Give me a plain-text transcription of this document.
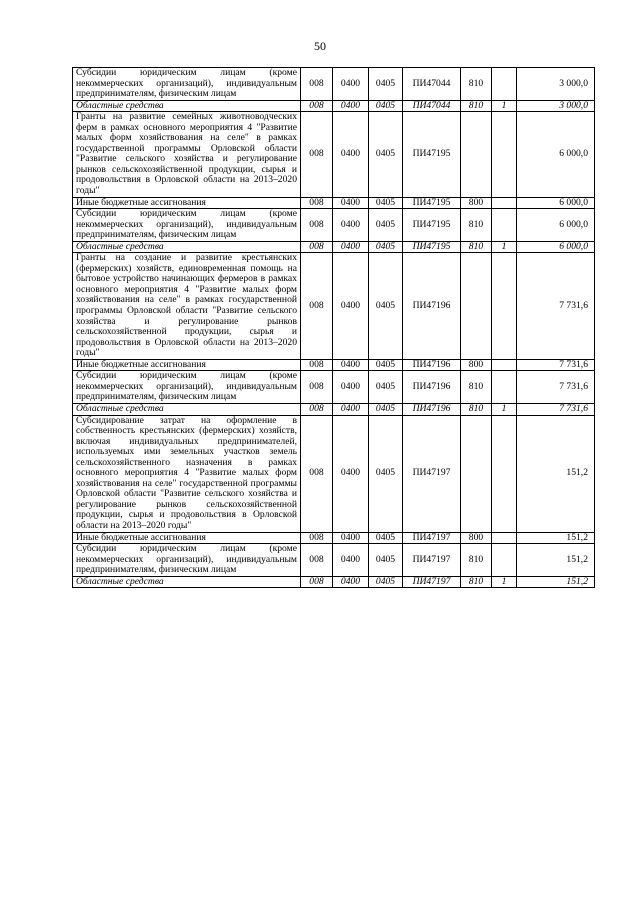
50
Субсидии юридическим лицам (кроме некоммерческих организаций), индивидуальным предпринимателям, физическим лицам	008	0400	0405	ПИ47044	810		3 000,0
Областные средства	008	0400	0405	ПИ47044	810	1	3 000,0
Гранты на развитие семейных животноводческих ферм в рамках основного мероприятия 4 "Развитие малых форм хозяйствования на селе" в рамках государственной программы Орловской области "Развитие сельского хозяйства и регулирование рынков сельскохозяйственной продукции, сырья и продовольствия в Орловской области на 2013–2020 годы"	008	0400	0405	ПИ47195			6 000,0
Иные бюджетные ассигнования	008	0400	0405	ПИ47195	800		6 000,0
Субсидии юридическим лицам (кроме некоммерческих организаций), индивидуальным предпринимателям, физическим лицам	008	0400	0405	ПИ47195	810		6 000,0
Областные средства	008	0400	0405	ПИ47195	810	1	6 000,0
Гранты на создание и развитие крестьянских (фермерских) хозяйств, единовременная помощь на бытовое устройство начинающих фермеров в рамках основного мероприятия 4 "Развитие малых форм хозяйствования на селе" в рамках государственной программы Орловской области "Развитие сельского хозяйства и регулирование рынков сельскохозяйственной продукции, сырья и продовольствия в Орловской области на 2013–2020 годы"	008	0400	0405	ПИ47196			7 731,6
Иные бюджетные ассигнования	008	0400	0405	ПИ47196	800		7 731,6
Субсидии юридическим лицам (кроме некоммерческих организаций), индивидуальным предпринимателям, физическим лицам	008	0400	0405	ПИ47196	810		7 731,6
Областные средства	008	0400	0405	ПИ47196	810	1	7 731,6
Субсидирование затрат на оформление в собственность крестьянских (фермерских) хозяйств, включая индивидуальных предпринимателей, используемых ими земельных участков земель сельскохозяйственного назначения в рамках основного мероприятия 4 "Развитие малых форм хозяйствования на селе" государственной программы Орловской области "Развитие сельского хозяйства и регулирование рынков сельскохозяйственной продукции, сырья и продовольствия в Орловской области на 2013–2020 годы"	008	0400	0405	ПИ47197			151,2
Иные бюджетные ассигнования	008	0400	0405	ПИ47197	800		151,2
Субсидии юридическим лицам (кроме некоммерческих организаций), индивидуальным предпринимателям, физическим лицам	008	0400	0405	ПИ47197	810		151,2
Областные средства	008	0400	0405	ПИ47197	810	1	151,2
